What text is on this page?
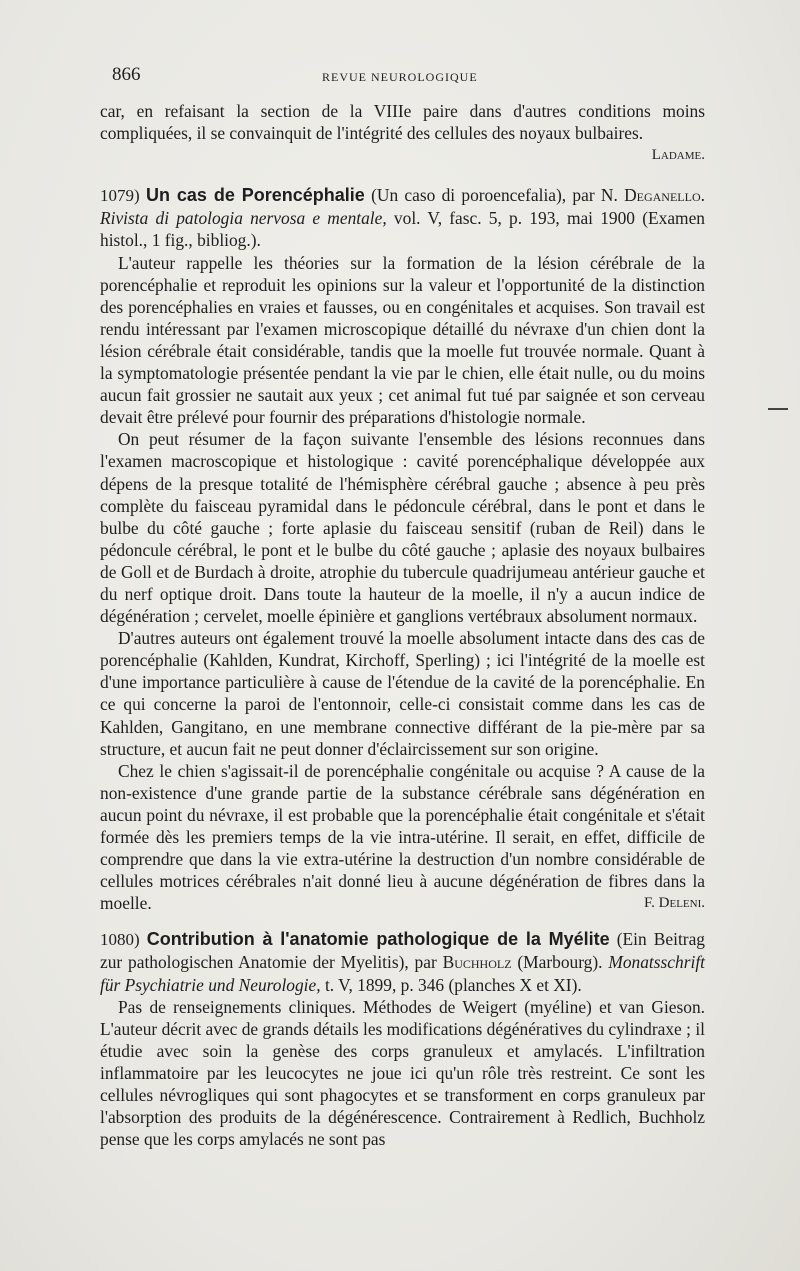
866	REVUE NEUROLOGIQUE

car, en refaisant la section de la VIIIe paire dans d'autres conditions moins compliquées, il se convainquit de l'intégrité des cellules des noyaux bulbaires.

Ladame.

1079) Un cas de Porencéphalie (Un caso di poroencefalia), par N. Deganello. Rivista di patologia nervosa e mentale, vol. V, fasc. 5, p. 193, mai 1900 (Examen histol., 1 fig., bibliog.).

L'auteur rappelle les théories sur la formation de la lésion cérébrale de la porencéphalie et reproduit les opinions sur la valeur et l'opportunité de la distinction des porencéphalies en vraies et fausses, ou en congénitales et acquises. Son travail est rendu intéressant par l'examen microscopique détaillé du névraxe d'un chien dont la lésion cérébrale était considérable, tandis que la moelle fut trouvée normale. Quant à la symptomatologie présentée pendant la vie par le chien, elle était nulle, ou du moins aucun fait grossier ne sautait aux yeux ; cet animal fut tué par saignée et son cerveau devait être prélevé pour fournir des préparations d'histologie normale.

On peut résumer de la façon suivante l'ensemble des lésions reconnues dans l'examen macroscopique et histologique : cavité porencéphalique développée aux dépens de la presque totalité de l'hémisphère cérébral gauche ; absence à peu près complète du faisceau pyramidal dans le pédoncule cérébral, dans le pont et dans le bulbe du côté gauche ; forte aplasie du faisceau sensitif (ruban de Reil) dans le pédoncule cérébral, le pont et le bulbe du côté gauche ; aplasie des noyaux bulbaires de Goll et de Burdach à droite, atrophie du tubercule quadrijumeau antérieur gauche et du nerf optique droit. Dans toute la hauteur de la moelle, il n'y a aucun indice de dégénération ; cervelet, moelle épinière et ganglions vertébraux absolument normaux.

D'autres auteurs ont également trouvé la moelle absolument intacte dans des cas de porencéphalie (Kahlden, Kundrat, Kirchoff, Sperling) ; ici l'intégrité de la moelle est d'une importance particulière à cause de l'étendue de la cavité de la porencéphalie. En ce qui concerne la paroi de l'entonnoir, celle-ci consistait comme dans les cas de Kahlden, Gangitano, en une membrane connective différant de la pie-mère par sa structure, et aucun fait ne peut donner d'éclaircissement sur son origine.

Chez le chien s'agissait-il de porencéphalie congénitale ou acquise ? A cause de la non-existence d'une grande partie de la substance cérébrale sans dégénération en aucun point du névraxe, il est probable que la porencéphalie était congénitale et s'était formée dès les premiers temps de la vie intra-utérine. Il serait, en effet, difficile de comprendre que dans la vie extra-utérine la destruction d'un nombre considérable de cellules motrices cérébrales n'ait donné lieu à aucune dégénération de fibres dans la moelle.	F. Deleni.

1080) Contribution à l'anatomie pathologique de la Myélite (Ein Beitrag zur pathologischen Anatomie der Myelitis), par Buchholz (Marbourg). Monatsschrift für Psychiatrie und Neurologie, t. V, 1899, p. 346 (planches X et XI).

Pas de renseignements cliniques. Méthodes de Weigert (myéline) et van Gieson. L'auteur décrit avec de grands détails les modifications dégénératives du cylindraxe ; il étudie avec soin la genèse des corps granuleux et amylacés. L'infiltration inflammatoire par les leucocytes ne joue ici qu'un rôle très restreint. Ce sont les cellules névrogliques qui sont phagocytes et se transforment en corps granuleux par l'absorption des produits de la dégénérescence. Contrairement à Redlich, Buchholz pense que les corps amylacés ne sont pas
